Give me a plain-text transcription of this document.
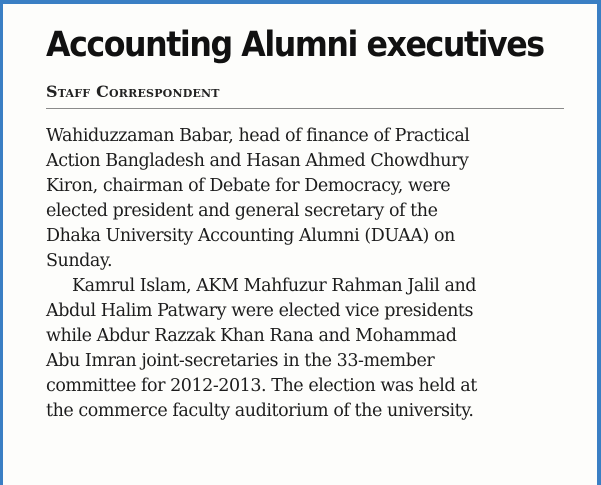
Accounting Alumni executives
Staff Correspondent

Wahiduzzaman Babar, head of finance of Practical
Action Bangladesh and Hasan Ahmed Chowdhury
Kiron, chairman of Debate for Democracy, were
elected president and general secretary of the
Dhaka University Accounting Alumni (DUAA) on
Sunday.

Kamrul Islam, AKM Mahfuzur Rahman Jalil and
Abdul Halim Patwary were elected vice presidents
while Abdur Razzak Khan Rana and Mohammad
Abu Imran joint-secretaries in the 33-member
committee for 2012-2013. The election was held at
the commerce faculty auditorium of the university.
